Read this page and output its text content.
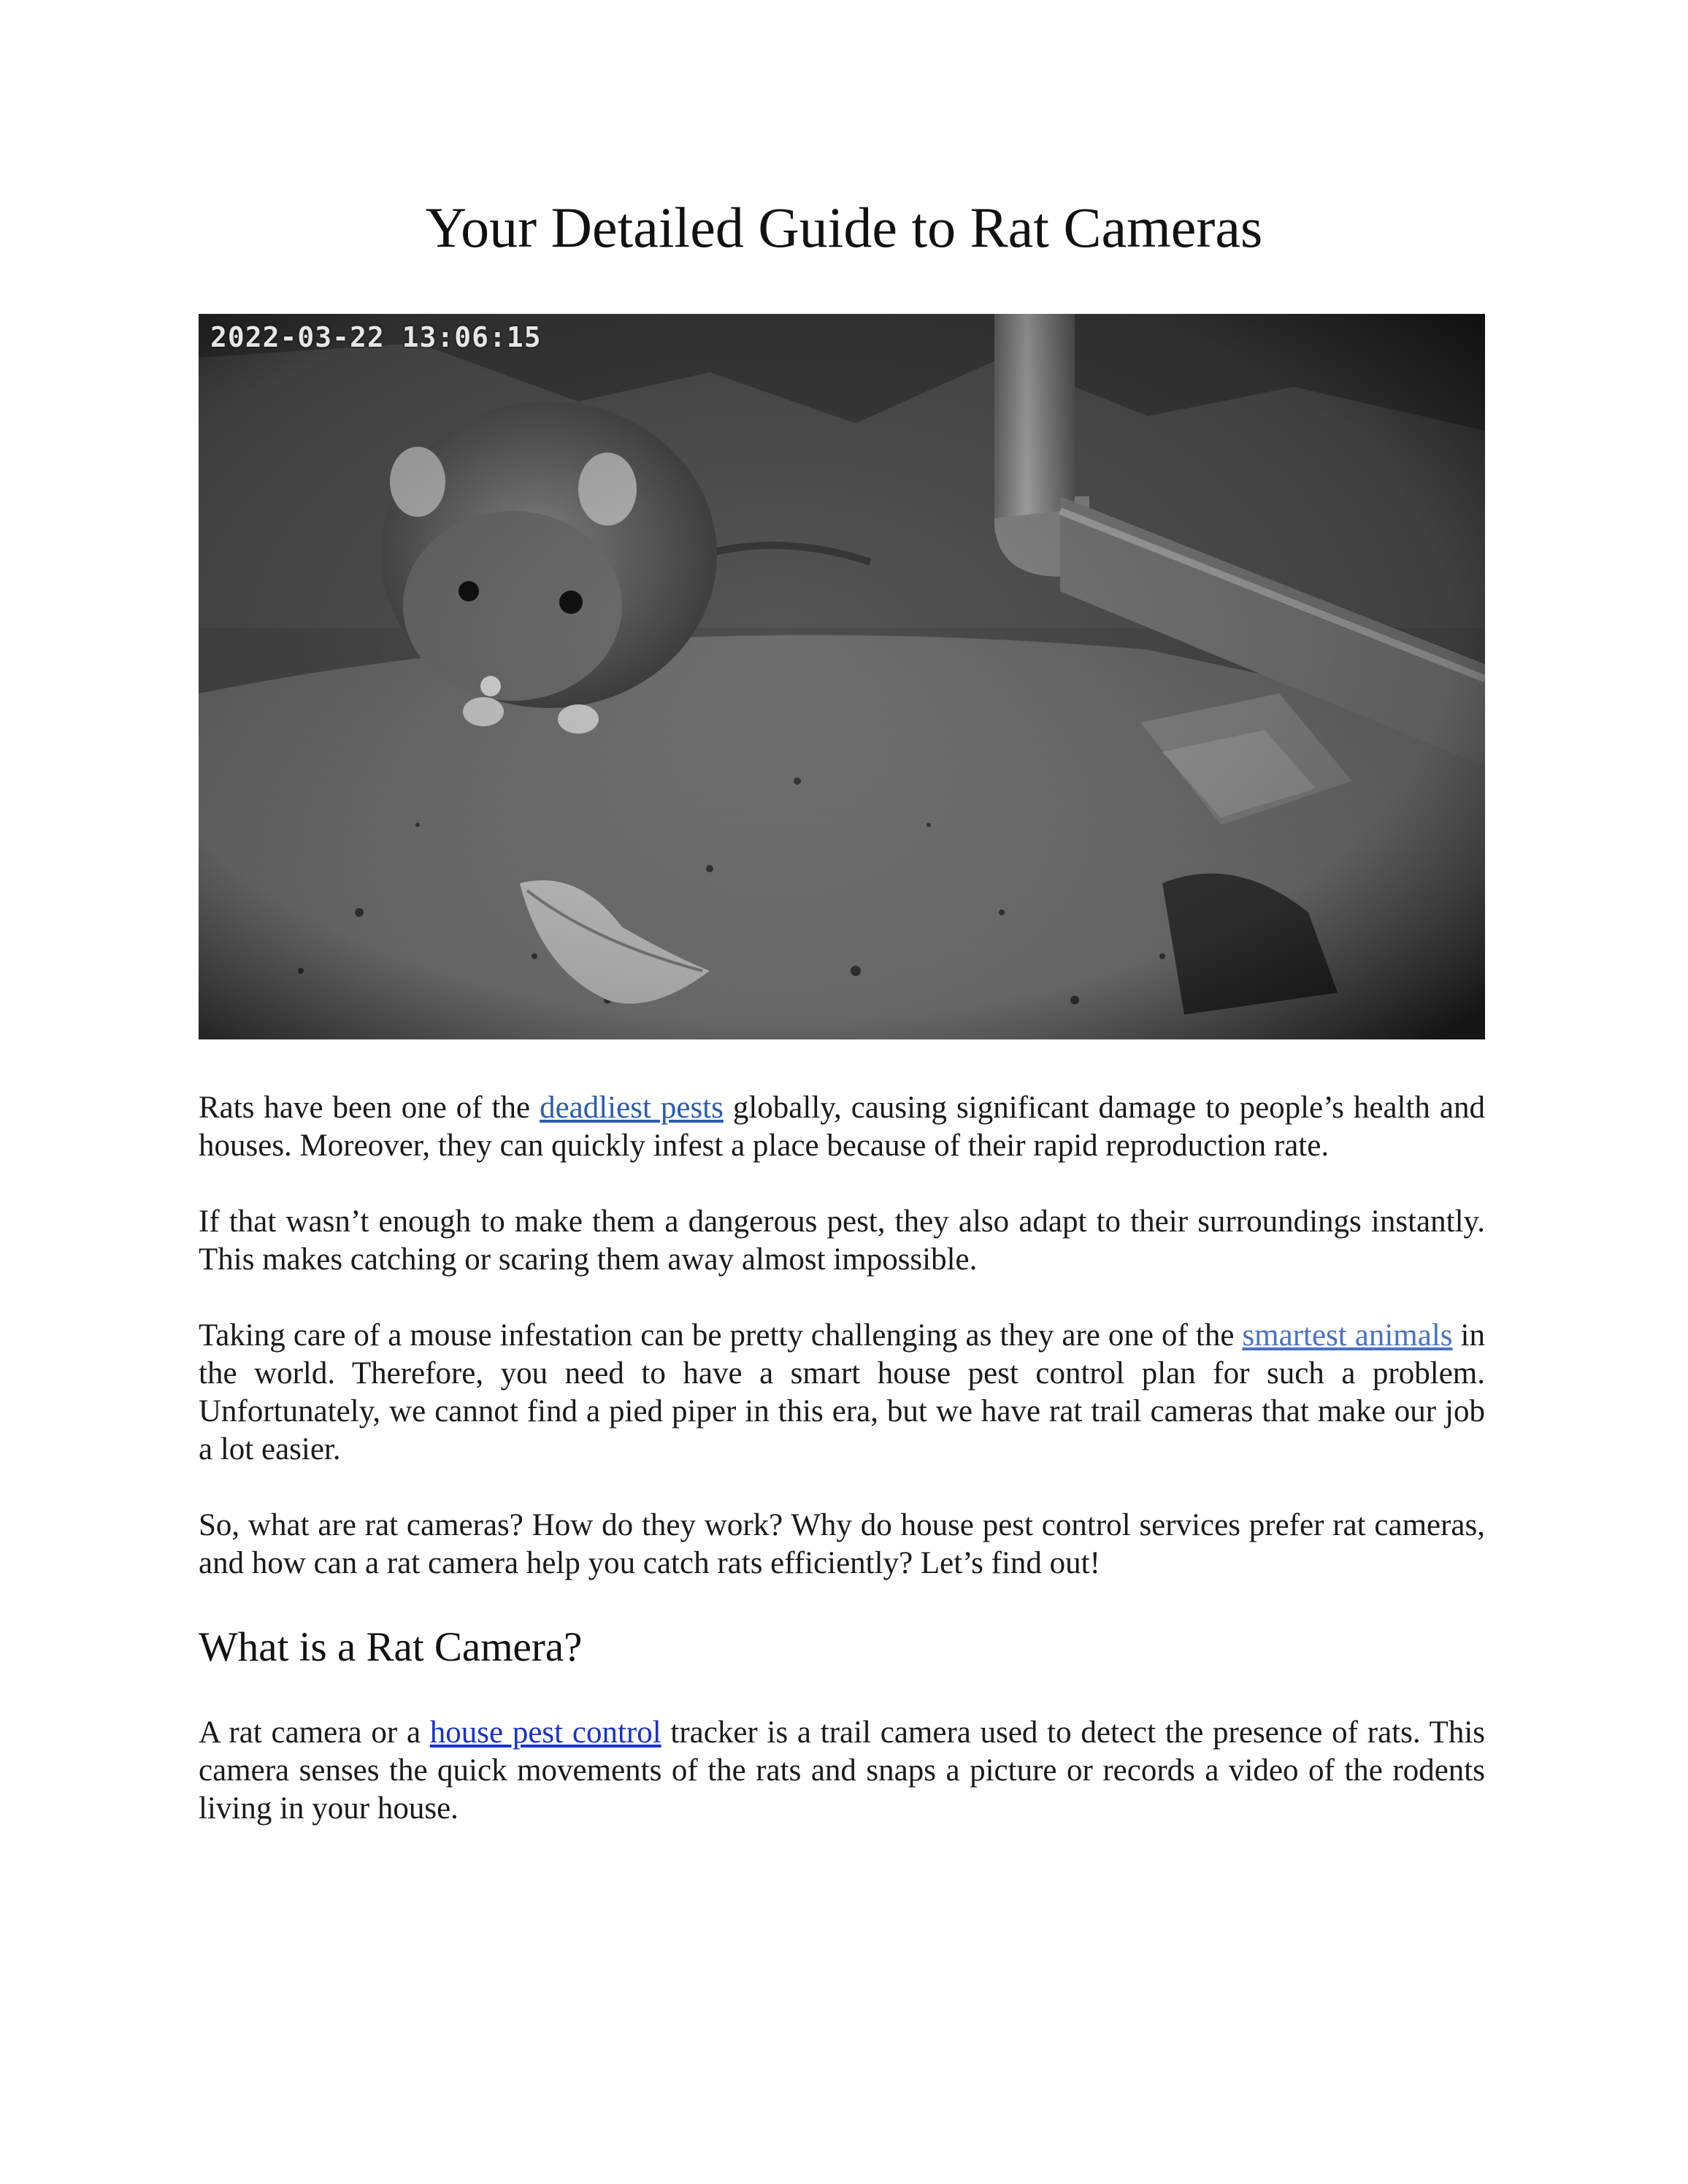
Your Detailed Guide to Rat Cameras
2022-03-22 13:06:15

Rats have been one of the deadliest pests globally, causing significant damage to people’s health and houses. Moreover, they can quickly infest a place because of their rapid reproduction rate.

If that wasn’t enough to make them a dangerous pest, they also adapt to their surroundings instantly. This makes catching or scaring them away almost impossible.

Taking care of a mouse infestation can be pretty challenging as they are one of the smartest animals in the world. Therefore, you need to have a smart house pest control plan for such a problem. Unfortunately, we cannot find a pied piper in this era, but we have rat trail cameras that make our job a lot easier.

So, what are rat cameras? How do they work? Why do house pest control services prefer rat cameras, and how can a rat camera help you catch rats efficiently? Let’s find out!

What is a Rat Camera?

A rat camera or a house pest control tracker is a trail camera used to detect the presence of rats. This camera senses the quick movements of the rats and snaps a picture or records a video of the rodents living in your house.
